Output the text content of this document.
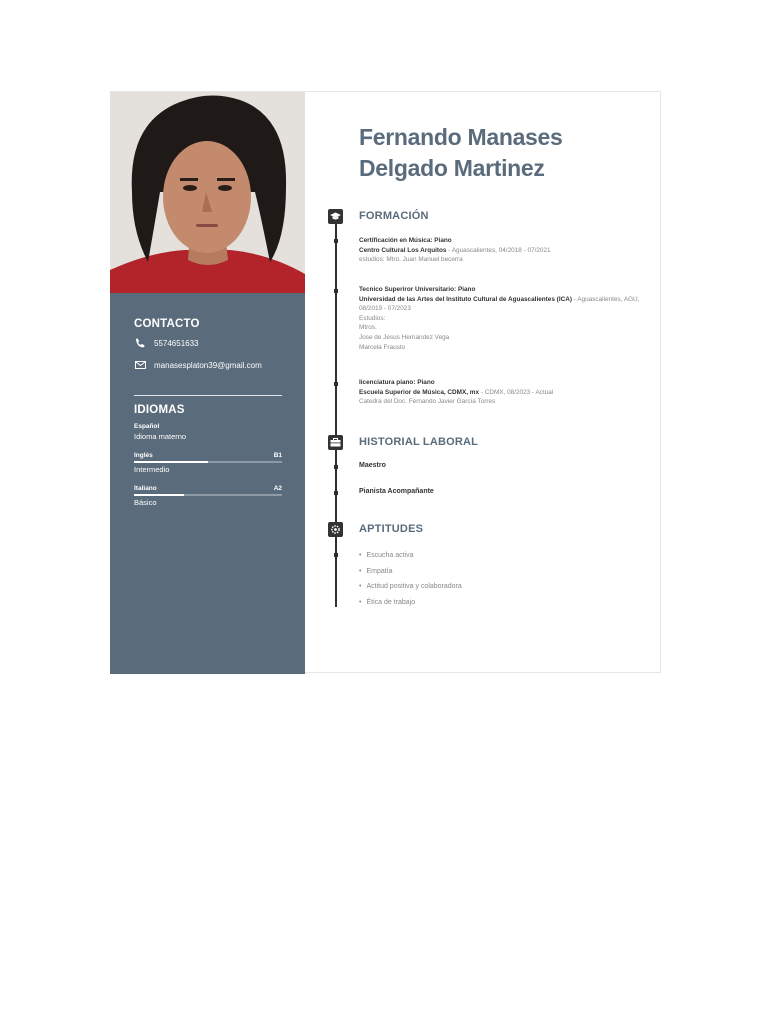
CONTACTO
5574651633
manasesplaton39@gmail.com
IDIOMAS
Español
Idioma materno
Inglés	B1
Intermedio
Italiano	A2
Básico
Fernando Manases
Delgado Martinez
FORMACIÓN
Certificación en Música: Piano
Centro Cultural Los Arquitos - Aguascalientes, 04/2018 - 07/2021
estudios: Mtro. Juan Manuel becerra
Tecnico Superiror Universitario: Piano
Universidad de las Artes del Instituto Cultural de Aguascalientes (ICA) - Aguascalientes, AGU, 08/2019 - 07/2023
Estudios:
Mtros.
Jose de Jesus Hernandez Vega
Marcela Frausto
licenciatura piano: Piano
Escuela Superior de Música, CDMX, mx - CDMX, 08/2023 - Actual
Catedra del Doc. Fernando Javier García Torres
HISTORIAL LABORAL
Maestro
Pianista Acompañante
APTITUDES
• Escucha activa
• Empatía
• Actitud positiva y colaboradora
• Ética de trabajo
